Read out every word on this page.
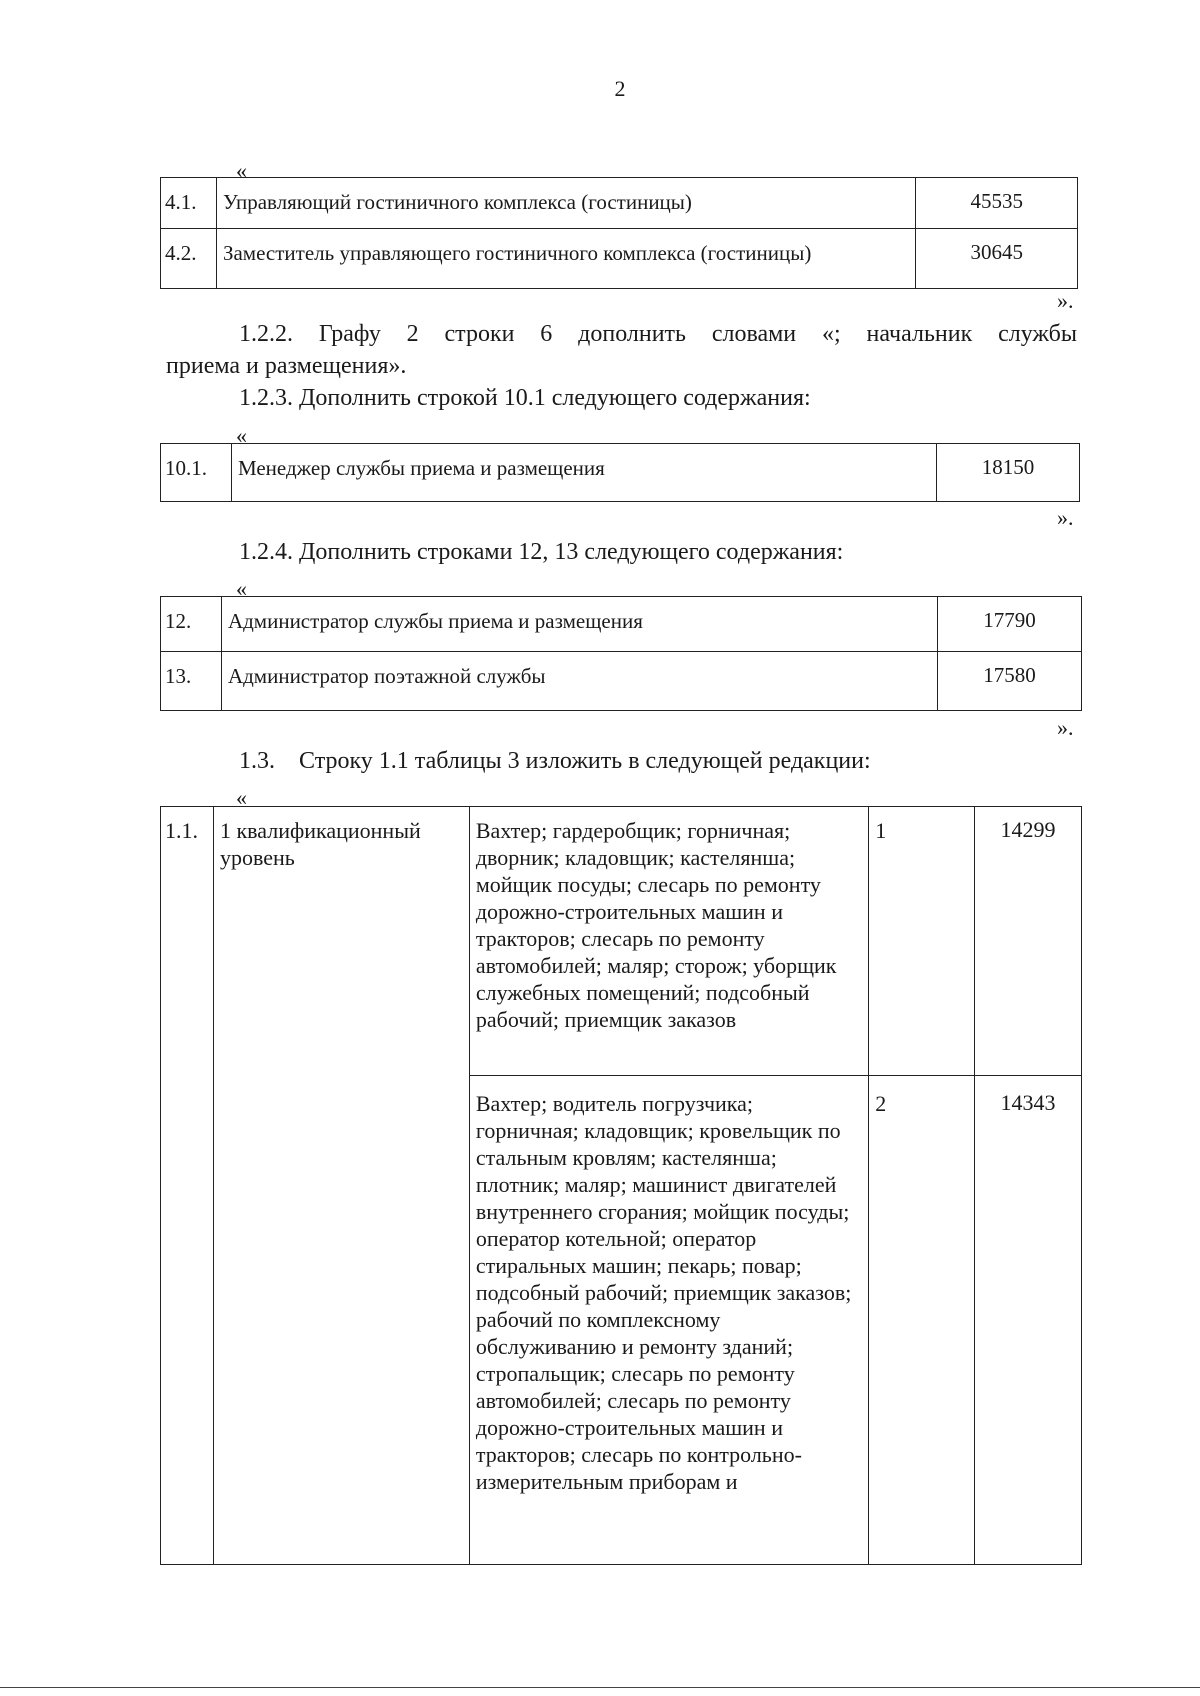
2
«
4.1.	Управляющий гостиничного комплекса (гостиницы)	45535

4.2.	Заместитель управляющего гостиничного комплекса (гостиницы)	30645
».
1.2.2. Графу 2 строки 6 дополнить словами «; начальник службы
приема и размещения».
1.2.3. Дополнить строкой 10.1 следующего содержания:
«
10.1.	Менеджер службы приема и размещения	18150
».
1.2.4. Дополнить строками 12, 13 следующего содержания:
«
12.	Администратор службы приема и размещения	17790

13.	Администратор поэтажной службы	17580
».
1.3.    Строку 1.1 таблицы 3 изложить в следующей редакции:
«
1.1.	1 квалификационный уровень	Вахтер; гардеробщик; горничная; дворник; кладовщик; кастелянша; мойщик посуды; слесарь по ремонту дорожно-строительных машин и тракторов; слесарь по ремонту автомобилей; маляр; сторож; уборщик служебных помещений; подсобный рабочий; приемщик заказов	1	14299

		Вахтер; водитель погрузчика; горничная; кладовщик; кровельщик по стальным кровлям; кастелянша; плотник; маляр; машинист двигателей внутреннего сгорания; мойщик посуды; оператор котельной; оператор стиральных машин; пекарь; повар; подсобный рабочий; приемщик заказов; рабочий по комплексному обслуживанию и ремонту зданий; стропальщик; слесарь по ремонту автомобилей; слесарь по ремонту дорожно-строительных машин и тракторов; слесарь по контрольно-измерительным приборам и	2	14343
